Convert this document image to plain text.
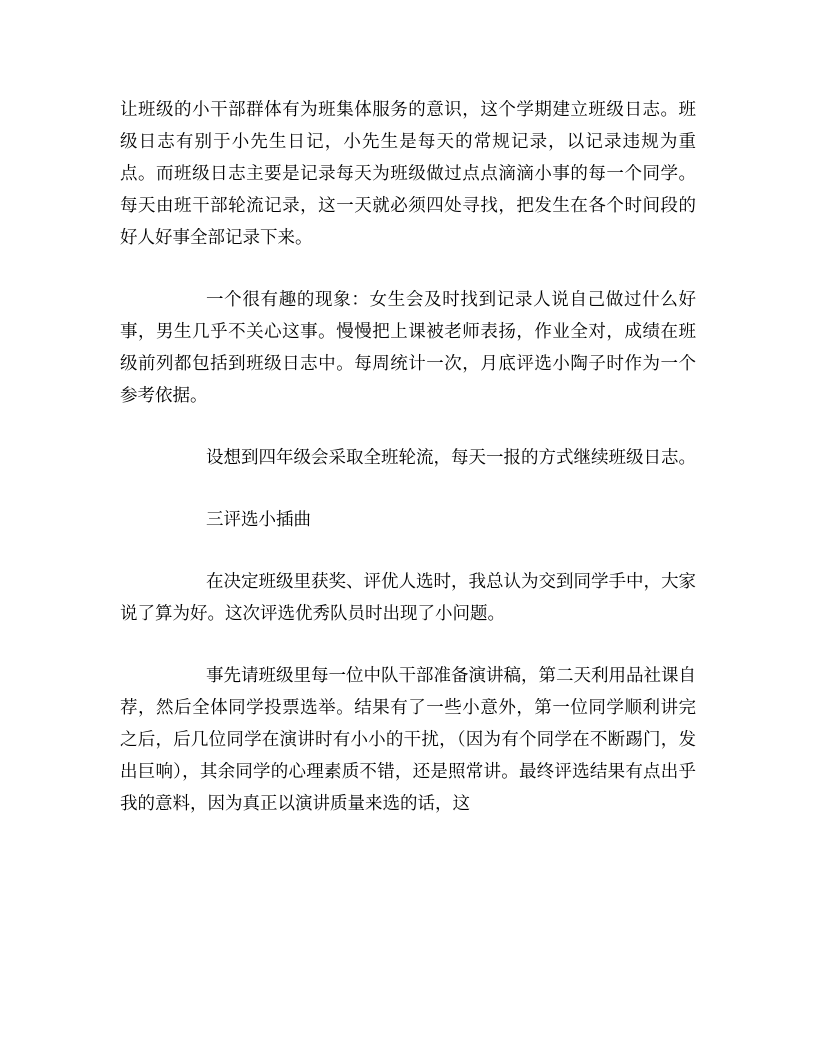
让班级的小干部群体有为班集体服务的意识，这个学期建立班级日志。班级日志有别于小先生日记，小先生是每天的常规记录，以记录违规为重点。而班级日志主要是记录每天为班级做过点点滴滴小事的每一个同学。每天由班干部轮流记录，这一天就必须四处寻找，把发生在各个时间段的好人好事全部记录下来。

一个很有趣的现象：女生会及时找到记录人说自己做过什么好事，男生几乎不关心这事。慢慢把上课被老师表扬，作业全对，成绩在班级前列都包括到班级日志中。每周统计一次，月底评选小陶子时作为一个参考依据。

设想到四年级会采取全班轮流，每天一报的方式继续班级日志。

三评选小插曲

在决定班级里获奖、评优人选时，我总认为交到同学手中，大家说了算为好。这次评选优秀队员时出现了小问题。

事先请班级里每一位中队干部准备演讲稿，第二天利用品社课自荐，然后全体同学投票选举。结果有了一些小意外，第一位同学顺利讲完之后，后几位同学在演讲时有小小的干扰，（因为有个同学在不断踢门，发出巨响），其余同学的心理素质不错，还是照常讲。最终评选结果有点出乎我的意料，因为真正以演讲质量来选的话，这
